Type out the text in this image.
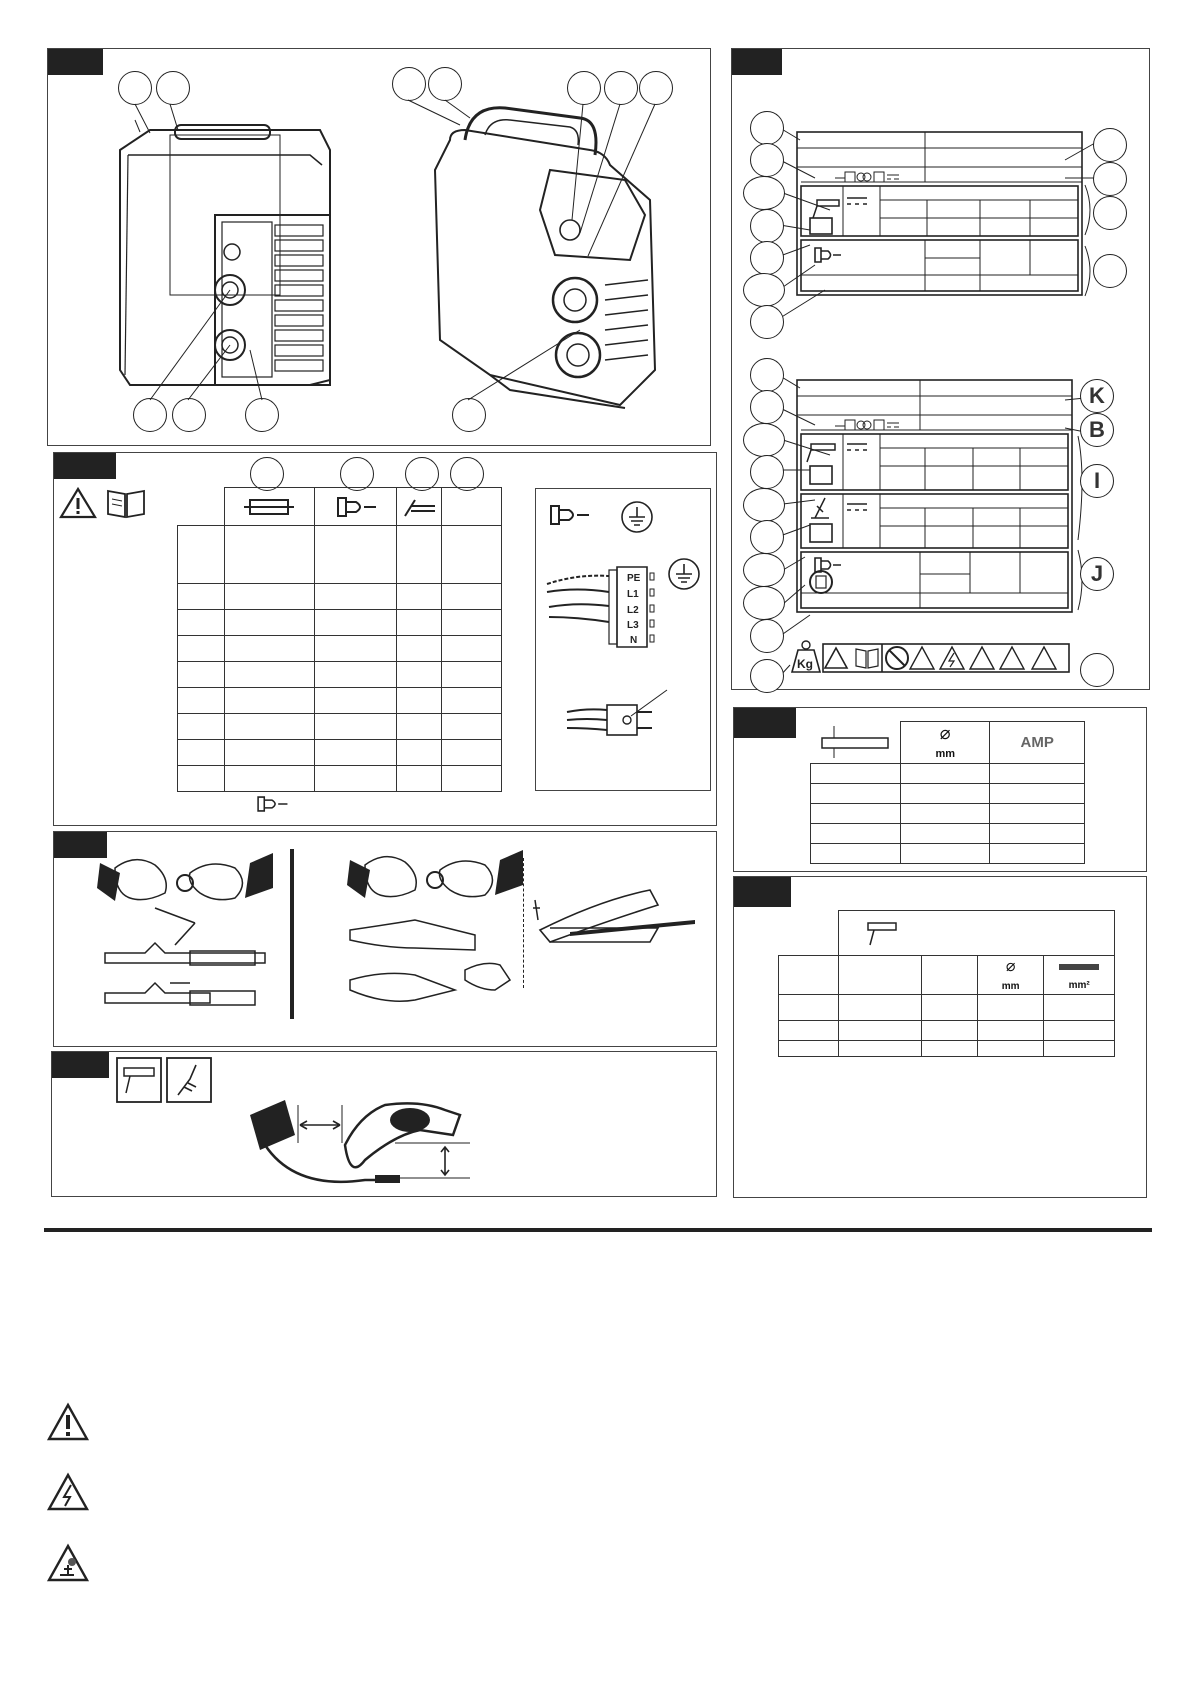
PE
L1
L2
L3
N
K
B
I
J
Kg
	⌀
mm	AMP

			⌀
mm	mm²
